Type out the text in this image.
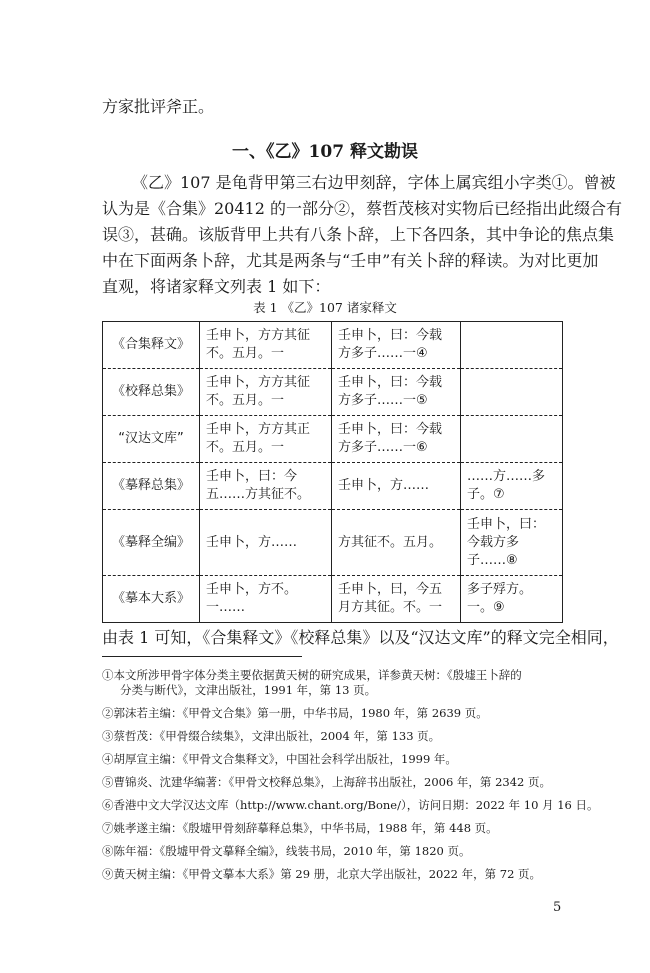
方家批评斧正。
一、《乙》107 释文勘误
《乙》107 是龟背甲第三右边甲刻辞，字体上属宾组小字类①。曾被
认为是《合集》20412 的一部分②，蔡哲茂核对实物后已经指出此缀合有
误③，甚确。该版背甲上共有八条卜辞，上下各四条，其中争论的焦点集
中在下面两条卜辞，尤其是两条与“壬申”有关卜辞的释读。为对比更加
直观，将诸家释文列表 1 如下：
表 1 《乙》107 诸家释文
《合集释文》	壬申卜，方方其征不。五月。一	壬申卜，曰：今载方多子……一④	
《校释总集》	壬申卜，方方其征不。五月。一	壬申卜，曰：今载方多子……一⑤	
“汉达文库”	壬申卜，方方其正不。五月。一	壬申卜，曰：今载方多子……一⑥	
《摹释总集》	壬申卜，曰：今五……方其征不。	壬申卜，方……	……方……多子。⑦
《摹释全编》	壬申卜，方……	方其征不。五月。	壬申卜，曰：今载方多子……⑧
《摹本大系》	壬申卜，方不。一……	壬申卜，曰，今五月方其征。不。一	多子殍方。一。⑨
由表 1 可知，《合集释文》《校释总集》以及“汉达文库”的释文完全相同，
①本文所涉甲骨字体分类主要依据黄天树的研究成果，详参黄天树：《殷墟王卜辞的
分类与断代》，文津出版社，1991 年，第 13 页。
②郭沫若主编：《甲骨文合集》第一册，中华书局，1980 年，第 2639 页。
③蔡哲茂：《甲骨缀合续集》，文津出版社，2004 年，第 133 页。
④胡厚宣主编：《甲骨文合集释文》，中国社会科学出版社，1999 年。
⑤曹锦炎、沈建华编著：《甲骨文校释总集》，上海辞书出版社，2006 年，第 2342 页。
⑥香港中文大学汉达文库（http://www.chant.org/Bone/），访问日期：2022 年 10 月 16 日。
⑦姚孝遂主编：《殷墟甲骨刻辞摹释总集》，中华书局，1988 年，第 448 页。
⑧陈年福：《殷墟甲骨文摹释全编》，线装书局，2010 年，第 1820 页。
⑨黄天树主编：《甲骨文摹本大系》第 29 册，北京大学出版社，2022 年，第 72 页。
5
